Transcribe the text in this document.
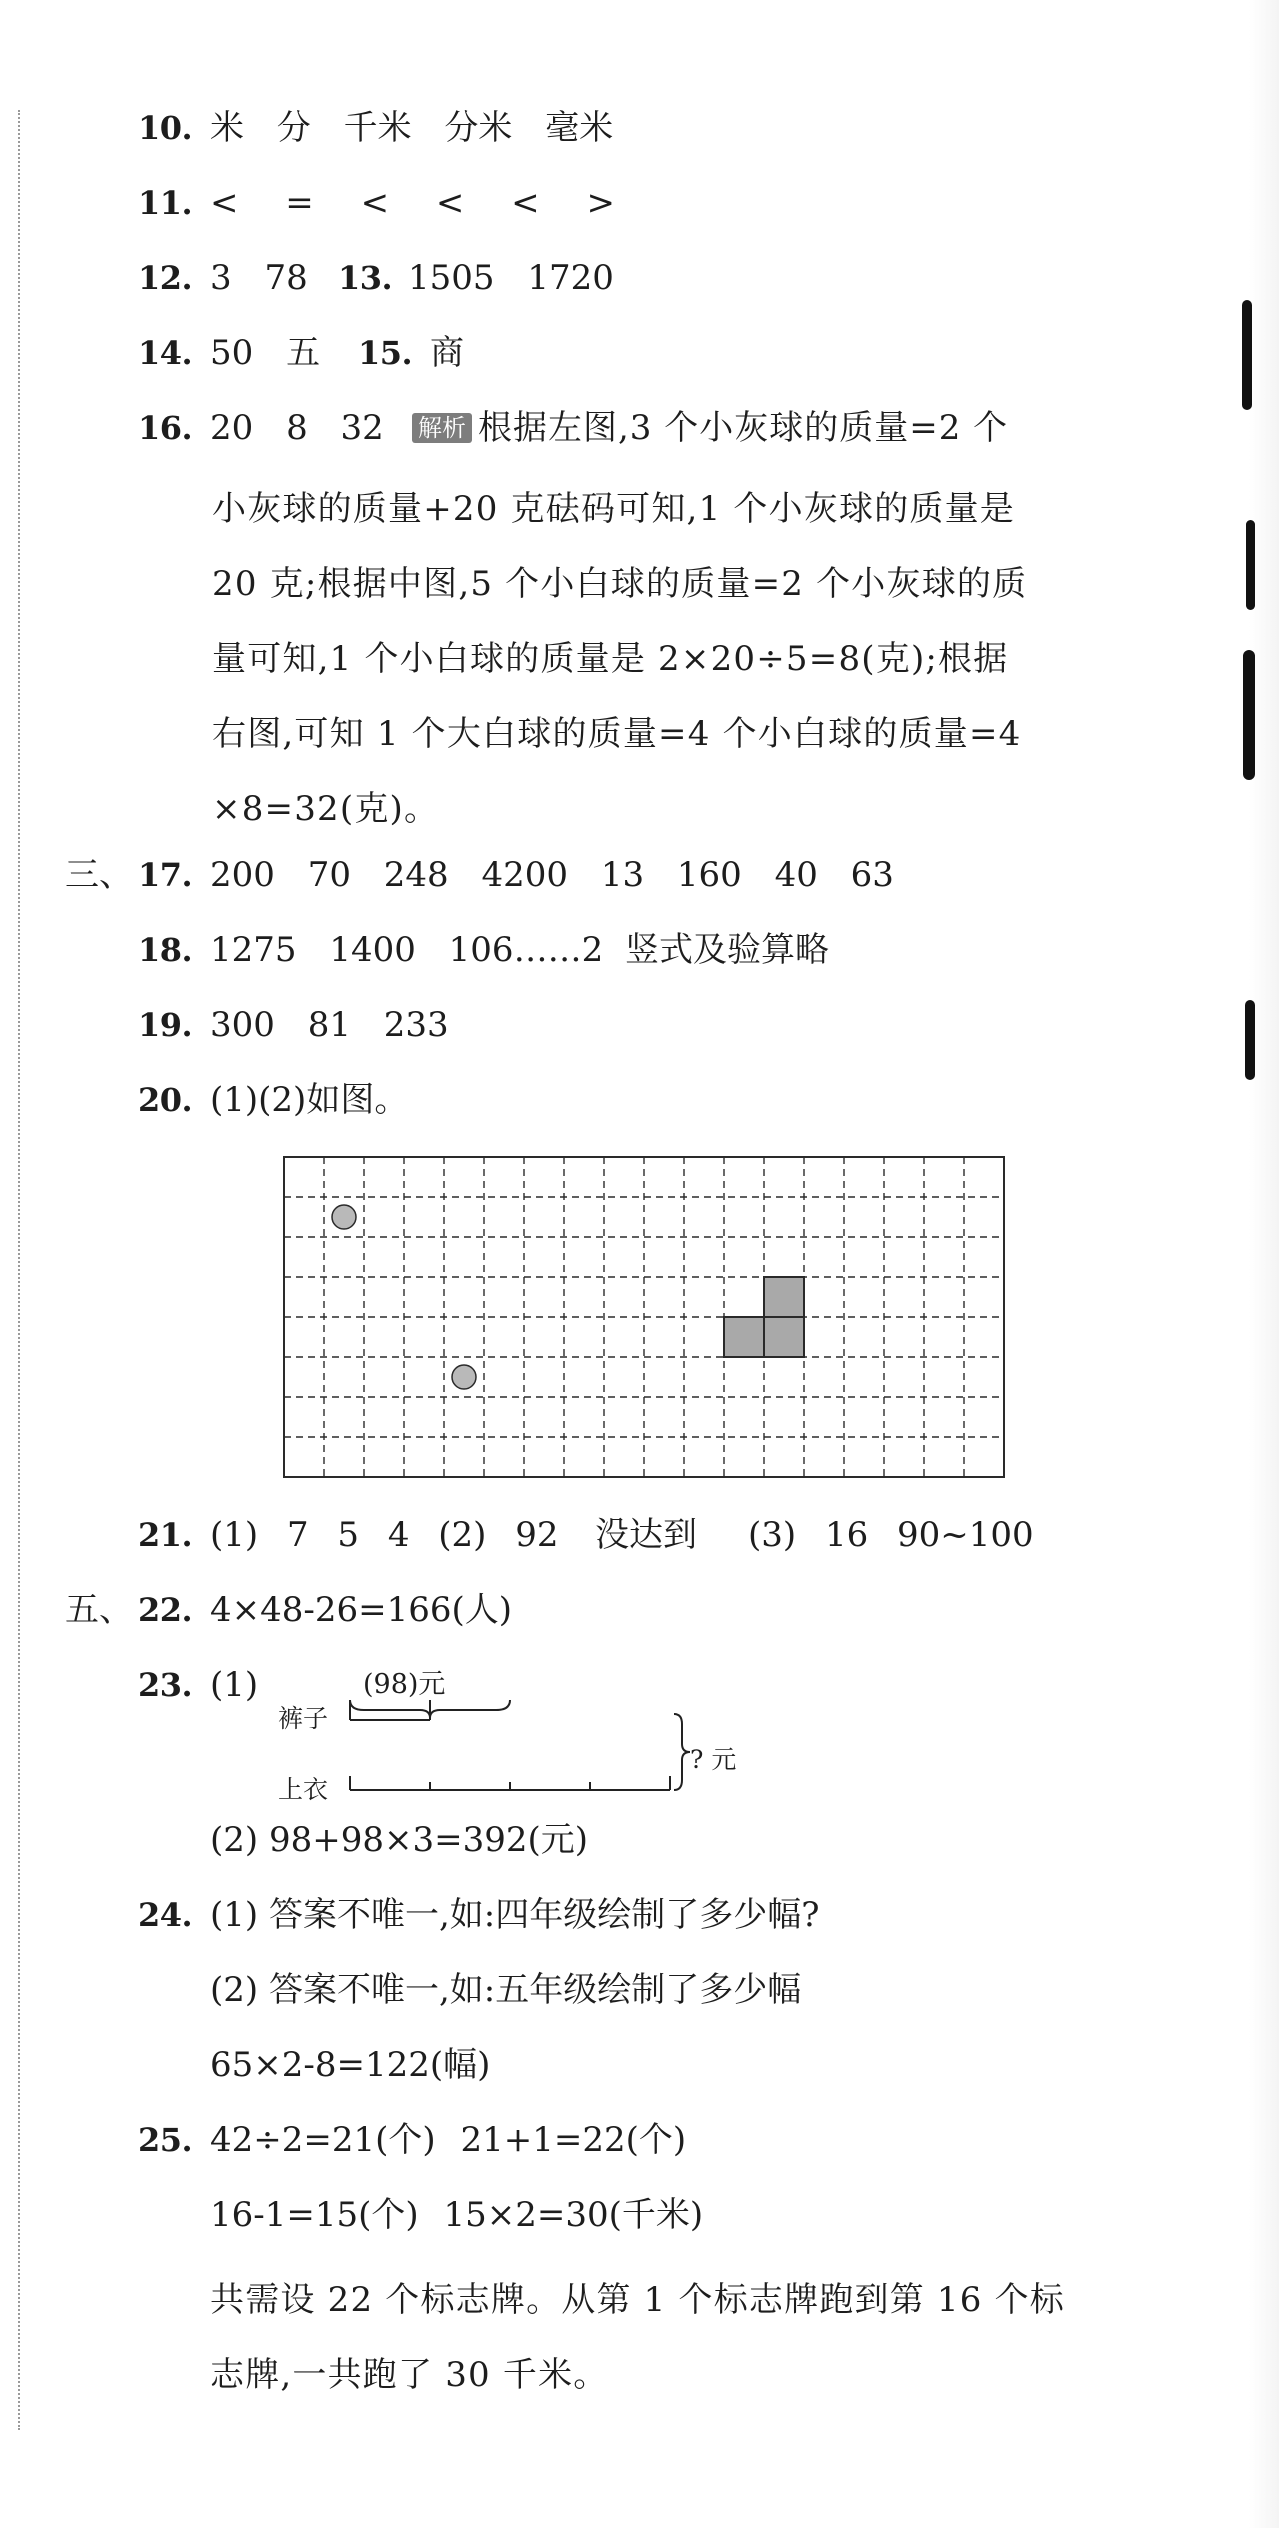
10. 米 分 千米 分米 毫米
11. < = < < < >
12. 3 78 13. 1505 1720
14. 50 五 15. 商
16. 20 8 32 解析 根据左图,3 个小灰球的质量=2 个
小灰球的质量+20 克砝码可知,1 个小灰球的质量是
20 克;根据中图,5 个小白球的质量=2 个小灰球的质
量可知,1 个小白球的质量是 2×20÷5=8(克);根据
右图,可知 1 个大白球的质量=4 个小白球的质量=4
×8=32(克)。
三、 17. 200 70 248 4200 13 160 40 63
18. 1275 1400 106……2 竖式及验算略
19. 300 81 233
20. (1)(2)如图。
21. (1) 7 5 4 (2) 92 没达到 (3) 16 90~100
五、 22. 4×48-26=166(人)
23. (1)	(98)元
裤子
上衣
? 元
(2) 98+98×3=392(元)
24. (1) 答案不唯一,如:四年级绘制了多少幅?
(2) 答案不唯一,如:五年级绘制了多少幅
65×2-8=122(幅)
25. 42÷2=21(个) 21+1=22(个)
16-1=15(个) 15×2=30(千米)
共需设 22 个标志牌。从第 1 个标志牌跑到第 16 个标
志牌,一共跑了 30 千米。
